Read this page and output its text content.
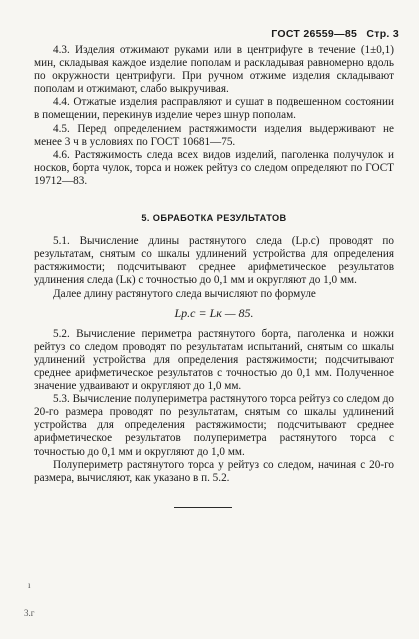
ГОСТ 26559—85 Стр. 3

4.3. Изделия отжимают руками или в центрифуге в течение (1±0,1) мин, складывая каждое изделие пополам и раскладывая равномерно вдоль по окружности центрифуги. При ручном отжиме изделия складывают пополам и отжимают, слабо выкручивая.

4.4. Отжатые изделия расправляют и сушат в подвешенном состоянии в помещении, перекинув изделие через шнур пополам.

4.5. Перед определением растяжимости изделия выдерживают не менее 3 ч в условиях по ГОСТ 10681—75.

4.6. Растяжимость следа всех видов изделий, паголенка получулок и носков, борта чулок, торса и ножек рейтуз со следом определяют по ГОСТ 19712—83.

5. ОБРАБОТКА РЕЗУЛЬТАТОВ

5.1. Вычисление длины растянутого следа (Lр.с) проводят по результатам, снятым со шкалы удлинений устройства для определения растяжимости; подсчитывают среднее арифметическое результатов удлинения следа (Lк) с точностью до 0,1 мм и округляют до 1,0 мм.

Далее длину растянутого следа вычисляют по формуле

Lр.с = Lк — 85.

5.2. Вычисление периметра растянутого борта, паголенка и ножки рейтуз со следом проводят по результатам испытаний, снятым со шкалы удлинений устройства для определения растяжимости; подсчитывают среднее арифметическое результатов с точностью до 0,1 мм. Полученное значение удваивают и округляют до 1,0 мм.

5.3. Вычисление полупериметра растянутого торса рейтуз со следом до 20-го размера проводят по результатам, снятым со шкалы удлинений устройства для определения растяжимости; подсчитывают среднее арифметическое результатов полупериметра растянутого торса с точностью до 0,1 мм и округляют до 1,0 мм.

Полупериметр растянутого торса у рейтуз со следом, начиная с 20-го размера, вычисляют, как указано в п. 5.2.

ı
3.г
